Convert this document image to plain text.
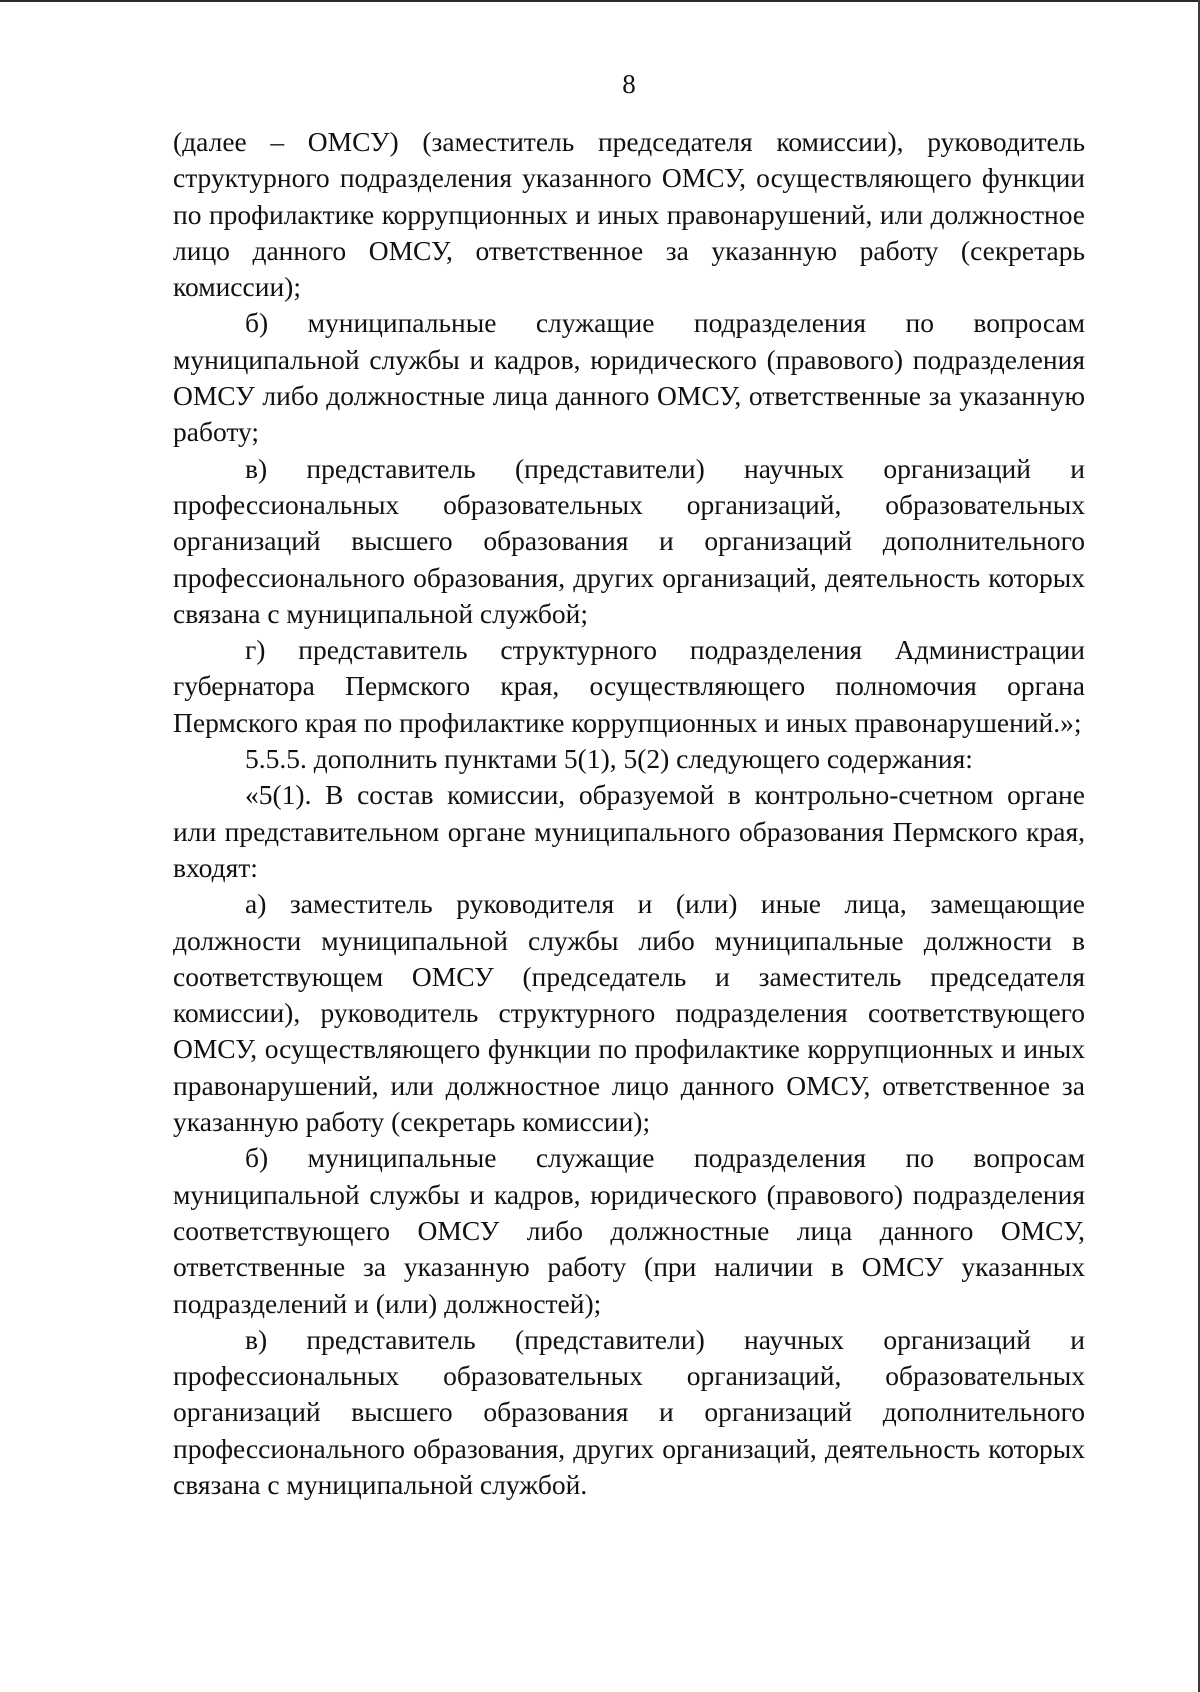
8

(далее – ОМСУ) (заместитель председателя комиссии), руководитель структурного подразделения указанного ОМСУ, осуществляющего функции по профилактике коррупционных и иных правонарушений, или должностное лицо данного ОМСУ, ответственное за указанную работу (секретарь комиссии);

б) муниципальные служащие подразделения по вопросам муниципальной службы и кадров, юридического (правового) подразделения ОМСУ либо должностные лица данного ОМСУ, ответственные за указанную работу;

в) представитель (представители) научных организаций и профессиональных образовательных организаций, образовательных организаций высшего образования и организаций дополнительного профессионального образования, других организаций, деятельность которых связана с муниципальной службой;

г) представитель структурного подразделения Администрации губернатора Пермского края, осуществляющего полномочия органа Пермского края по профилактике коррупционных и иных правонарушений.»;

5.5.5. дополнить пунктами 5(1), 5(2) следующего содержания:

«5(1). В состав комиссии, образуемой в контрольно-счетном органе или представительном органе муниципального образования Пермского края, входят:

а) заместитель руководителя и (или) иные лица, замещающие должности муниципальной службы либо муниципальные должности в соответствующем ОМСУ (председатель и заместитель председателя комиссии), руководитель структурного подразделения соответствующего ОМСУ, осуществляющего функции по профилактике коррупционных и иных правонарушений, или должностное лицо данного ОМСУ, ответственное за указанную работу (секретарь комиссии);

б) муниципальные служащие подразделения по вопросам муниципальной службы и кадров, юридического (правового) подразделения соответствующего ОМСУ либо должностные лица данного ОМСУ, ответственные за указанную работу (при наличии в ОМСУ указанных подразделений и (или) должностей);

в) представитель (представители) научных организаций и профессиональных образовательных организаций, образовательных организаций высшего образования и организаций дополнительного профессионального образования, других организаций, деятельность которых связана с муниципальной службой.
